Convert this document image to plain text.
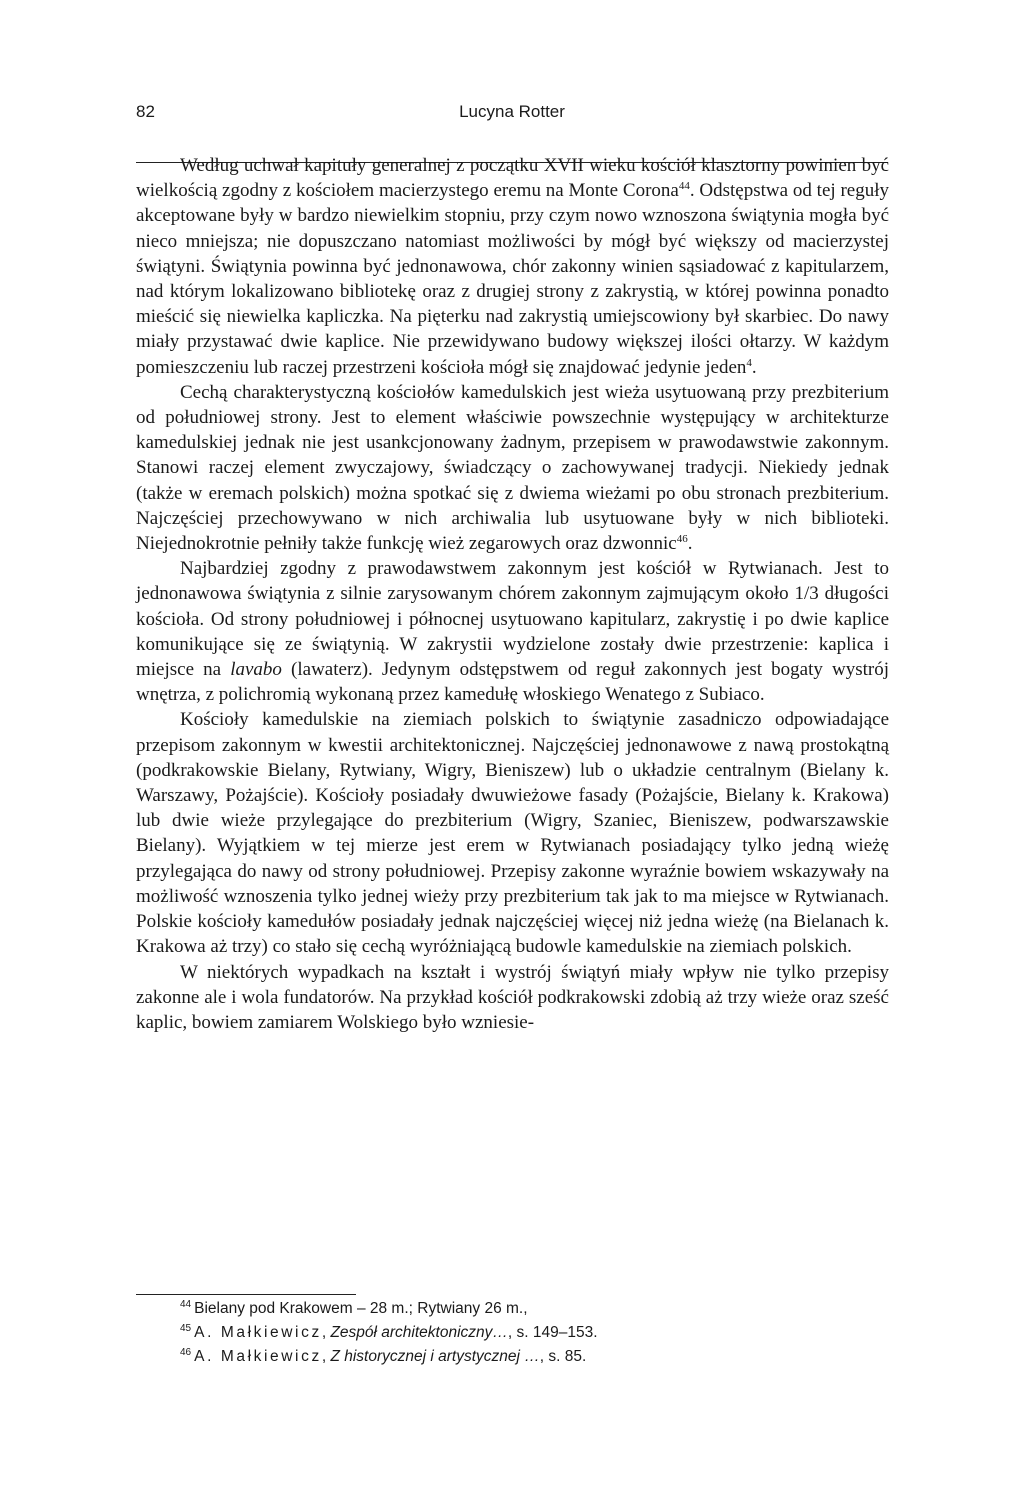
82	Lucyna Rotter

Według uchwał kapituły generalnej z początku XVII wieku kościół klasztorny powinien być wielkością zgodny z kościołem macierzystego eremu na Monte Corona$^{44}$. Odstępstwa od tej reguły akceptowane były w bardzo niewielkim stopniu, przy czym nowo wznoszona świątynia mogła być nieco mniejsza; nie dopuszczano natomiast możliwości by mógł być większy od macierzystej świątyni. Świątynia powinna być jednonawowa, chór zakonny winien sąsiadować z kapitularzem, nad którym lokalizowano bibliotekę oraz z drugiej strony z zakrystią, w której powinna ponadto mieścić się niewielka kapliczka. Na pięterku nad zakrystią umiejscowiony był skarbiec. Do nawy miały przystawać dwie kaplice. Nie przewidywano budowy większej ilości ołtarzy. W każdym pomieszczeniu lub raczej przestrzeni kościoła mógł się znajdować jedynie jeden$^4$.

Cechą charakterystyczną kościołów kamedulskich jest wieża usytuowaną przy prezbiterium od południowej strony. Jest to element właściwie powszechnie występujący w architekturze kamedulskiej jednak nie jest usankcjonowany żadnym, przepisem w prawodawstwie zakonnym. Stanowi raczej element zwyczajowy, świadczący o zachowywanej tradycji. Niekiedy jednak (także w eremach polskich) można spotkać się z dwiema wieżami po obu stronach prezbiterium. Najczęściej przechowywano w nich archiwalia lub usytuowane były w nich biblioteki. Niejednokrotnie pełniły także funkcję wież zegarowych oraz dzwonnic$^{46}$.

Najbardziej zgodny z prawodawstwem zakonnym jest kościół w Rytwianach. Jest to jednonawowa świątynia z silnie zarysowanym chórem zakonnym zajmującym około 1/3 długości kościoła. Od strony południowej i północnej usytuowano kapitularz, zakrystię i po dwie kaplice komunikujące się ze świątynią. W zakrystii wydzielone zostały dwie przestrzenie: kaplica i miejsce na lavabo (lawaterz). Jedynym odstępstwem od reguł zakonnych jest bogaty wystrój wnętrza, z polichromią wykonaną przez kamedułę włoskiego Wenatego z Subiaco.

Kościoły kamedulskie na ziemiach polskich to świątynie zasadniczo odpowiadające przepisom zakonnym w kwestii architektonicznej. Najczęściej jednonawowe z nawą prostokątną (podkrakowskie Bielany, Rytwiany, Wigry, Bieniszew) lub o układzie centralnym (Bielany k. Warszawy, Pożajście). Kościoły posiadały dwuwieżowe fasady (Pożajście, Bielany k. Krakowa) lub dwie wieże przylegające do prezbiterium (Wigry, Szaniec, Bieniszew, podwarszawskie Bielany). Wyjątkiem w tej mierze jest erem w Rytwianach posiadający tylko jedną wieżę przylegająca do nawy od strony południowej. Przepisy zakonne wyraźnie bowiem wskazywały na możliwość wznoszenia tylko jednej wieży przy prezbiterium tak jak to ma miejsce w Rytwianach. Polskie kościoły kamedułów posiadały jednak najczęściej więcej niż jedna wieżę (na Bielanach k. Krakowa aż trzy) co stało się cechą wyróżniającą budowle kamedulskie na ziemiach polskich.

W niektórych wypadkach na kształt i wystrój świątyń miały wpływ nie tylko przepisy zakonne ale i wola fundatorów. Na przykład kościół podkrakowski zdobią aż trzy wieże oraz sześć kaplic, bowiem zamiarem Wolskiego było wzniesie-

$^{44}$ Bielany pod Krakowem – 28 m.; Rytwiany 26 m.,
$^{45}$ A. Małkiewicz, Zespół architektoniczny…, s. 149–153.
$^{46}$ A. Małkiewicz, Z historycznej i artystycznej …, s. 85.
